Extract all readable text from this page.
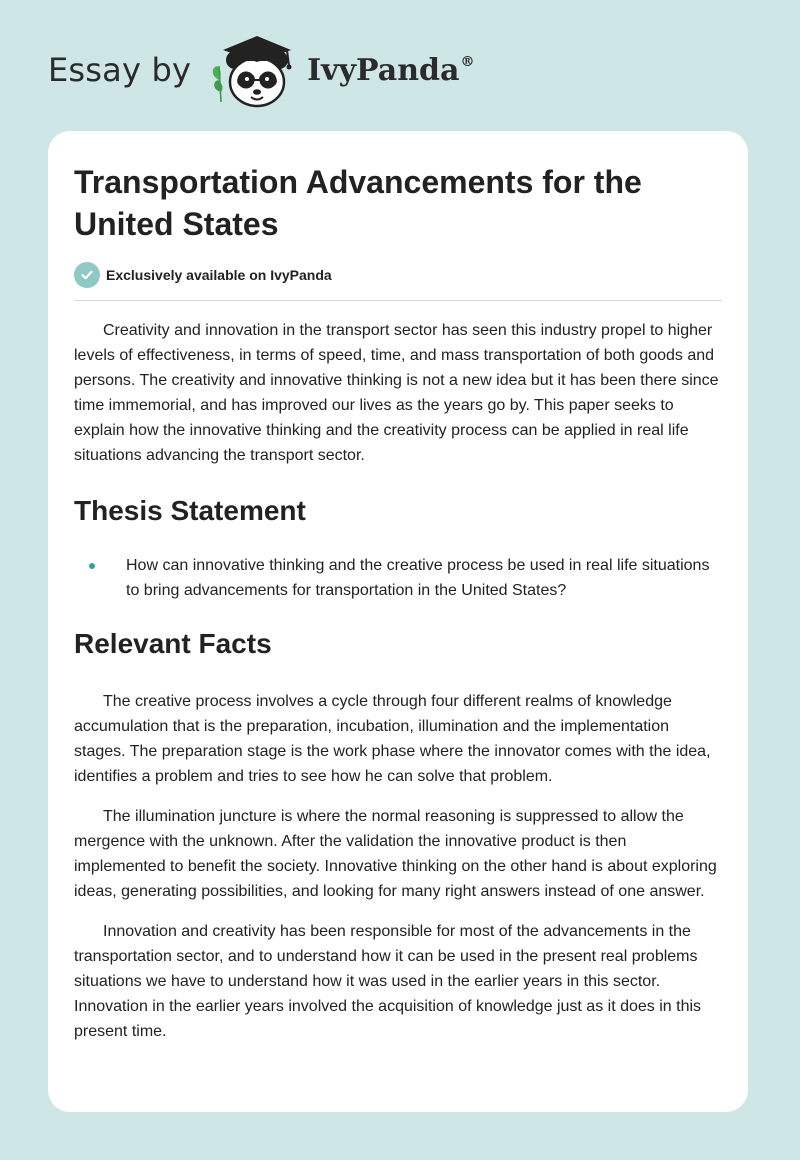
Essay by	IvyPanda®
Transportation Advancements for the United States
Exclusively available on IvyPanda

Creativity and innovation in the transport sector has seen this industry propel to higher levels of effectiveness, in terms of speed, time, and mass transportation of both goods and persons. The creativity and innovative thinking is not a new idea but it has been there since time immemorial, and has improved our lives as the years go by. This paper seeks to explain how the innovative thinking and the creativity process can be applied in real life situations advancing the transport sector.

Thesis Statement
How can innovative thinking and the creative process be used in real life situations to bring advancements for transportation in the United States?
Relevant Facts

The creative process involves a cycle through four different realms of knowledge accumulation that is the preparation, incubation, illumination and the implementation stages. The preparation stage is the work phase where the innovator comes with the idea, identifies a problem and tries to see how he can solve that problem.

The illumination juncture is where the normal reasoning is suppressed to allow the mergence with the unknown. After the validation the innovative product is then implemented to benefit the society. Innovative thinking on the other hand is about exploring ideas, generating possibilities, and looking for many right answers instead of one answer.

Innovation and creativity has been responsible for most of the advancements in the transportation sector, and to understand how it can be used in the present real problems situations we have to understand how it was used in the earlier years in this sector. Innovation in the earlier years involved the acquisition of knowledge just as it does in this present time.
